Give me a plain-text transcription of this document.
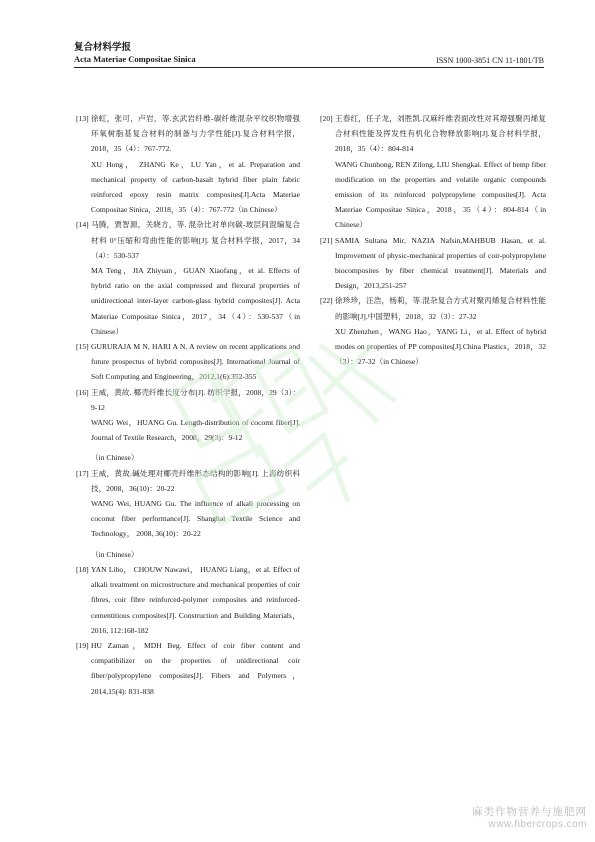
复合材料学报
Acta Materiae Compositae Sinica	ISSN 1000-3851 CN 11-1801/TB
[13] 徐虹，张可，卢岩，等.玄武岩纤维-碳纤维混杂平纹织物增强环氧树脂基复合材料的制备与力学性能[J].复合材料学报，2018，35（4）：767-772.
XU Hong， ZHANG Ke，LU Yan，et al. Preparation and mechanical property of carbon-basalt hybrid fiber plain fabric reinforced epoxy resin matrix composites[J].Acta Materiae Compositae Sinica，2018，35（4）：767-772（in Chinese）
[14] 马腾，贾智源，关晓方，等. 混杂比对单向碳-玻层间混编复合材料 0°压缩和弯曲性能的影响[J]. 复合材料学报，2017，34（4）：530-537
MA Teng，JIA Zhiyuan，GUAN Xiaofang，et al. Effects of hybrid ratio on the axial compressed and flexural properties of unidirectional inter-layer carbon-glass hybrid composites[J]. Acta Materiae Compositae Sinica，2017，34（4）：530-537（in Chinese）
[15] GURURAJA M N, HARI A N. A review on recent applications and future prospectus of hybrid composites[J]. International Journal of Soft Computing and Engineering，2012,1(6):352-355
[16] 王威，黄故. 椰壳纤维长度分布[J]. 纺织学报，2008，29（3）：9-12
WANG Wei，HUANG Gu. Length-distribution of cocomt fiber[J]. Journal of Textile Research，2008，29(3)：9-12
（in Chinese）
[17] 王威，黄故.碱处理对椰壳纤维形态结构的影响[J]. 上海纺织科技，2008，36(10)：20-22
WANG Wei, HUANG Gu. The influence of alkali processing on coconut fiber performance[J]. Shanghai Textile Science and Technology， 2008, 36(10)：20-22
（in Chinese）
[18] YAN Libo， CHOUW Nawawi， HUANG Liang，et al. Effect of alkali treatment on microstructure and mechanical properties of coir fibres, coir fibre reinforced-polymer composites and reinforced-cementitious composites[J]. Construction and Building Materials，2016, 112:168-182
[19] HU Zaman，MDH Beg. Effect of coir fiber content and compatibilizer on the properties of unidirectional coir fiber/polypropylene composites[J]. Fibers and Polymers，2014,15(4): 831-838
[20] 王春红，任子龙，刘胜凯.汉麻纤维表面改性对其增强聚丙烯复合材料性能及挥发性有机化合物释放影响[J].复合材料学报，2018，35（4）：804-814
WANG Chunhong, REN Zilong, LIU Shengkai. Effect of hemp fiber modification on the properties and volatile organic compounds emission of its reinforced polypropylene composites[J]. Acta Materiae Compositae Sinica，2018，35（4）：804-814（in Chinese）
[21] SAMIA Sultana Mir, NAZIA Nafsin,MAHBUB Hasan, et al. Improvement of physic-mechanical properties of coir-polypropylene biocomposites by fiber chemical treatment[J]. Materials and Design，2013,251-257
[22] 徐珍珍，汪浩，杨莉，等.混杂复合方式对聚丙烯复合材料性能的影响[J].中国塑料，2018，32（3）：27-32
XU Zhenzhen，WANG Hao，YANG Li，et al. Effect of hybrid modes on properties of PP composites[J].China Plastics，2018，32（3）：27-32（in Chinese）
麻类作物营养与施肥网
www.fibercrops.com
